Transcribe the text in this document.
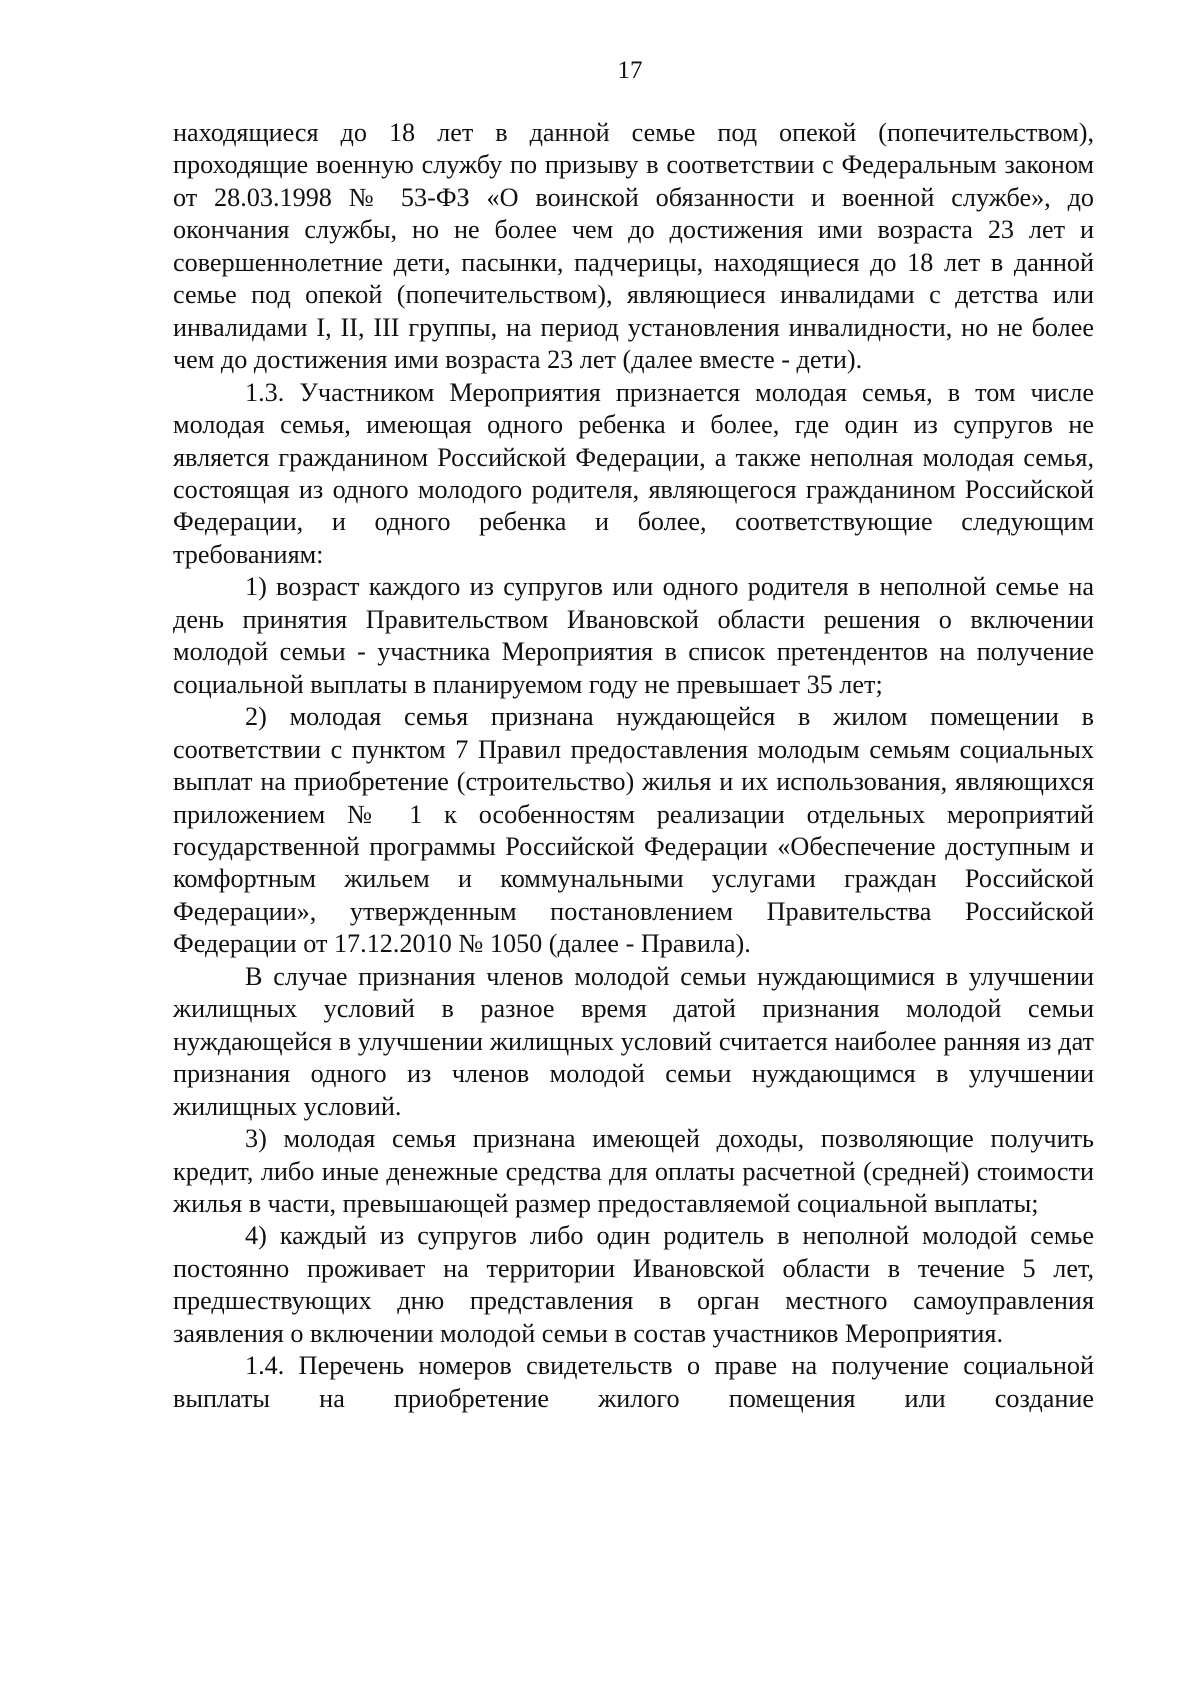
17

находящиеся до 18 лет в данной семье под опекой (попечительством), проходящие военную службу по призыву в соответствии с Федеральным законом от 28.03.1998 № 53-ФЗ «О воинской обязанности и военной службе», до окончания службы, но не более чем до достижения ими возраста 23 лет и совершеннолетние дети, пасынки, падчерицы, находящиеся до 18 лет в данной семье под опекой (попечительством), являющиеся инвалидами с детства или инвалидами I, II, III группы, на период установления инвалидности, но не более чем до достижения ими возраста 23 лет (далее вместе - дети).

1.3. Участником Мероприятия признается молодая семья, в том числе молодая семья, имеющая одного ребенка и более, где один из супругов не является гражданином Российской Федерации, а также неполная молодая семья, состоящая из одного молодого родителя, являющегося гражданином Российской Федерации, и одного ребенка и более, соответствующие следующим требованиям:

1) возраст каждого из супругов или одного родителя в неполной семье на день принятия Правительством Ивановской области решения о включении молодой семьи - участника Мероприятия в список претендентов на получение социальной выплаты в планируемом году не превышает 35 лет;

2) молодая семья признана нуждающейся в жилом помещении в соответствии с пунктом 7 Правил предоставления молодым семьям социальных выплат на приобретение (строительство) жилья и их использования, являющихся приложением № 1 к особенностям реализации отдельных мероприятий государственной программы Российской Федерации «Обеспечение доступным и комфортным жильем и коммунальными услугами граждан Российской Федерации», утвержденным постановлением Правительства Российской Федерации от 17.12.2010 № 1050 (далее - Правила).

В случае признания членов молодой семьи нуждающимися в улучшении жилищных условий в разное время датой признания молодой семьи нуждающейся в улучшении жилищных условий считается наиболее ранняя из дат признания одного из членов молодой семьи нуждающимся в улучшении жилищных условий.

3) молодая семья признана имеющей доходы, позволяющие получить кредит, либо иные денежные средства для оплаты расчетной (средней) стоимости жилья в части, превышающей размер предоставляемой социальной выплаты;

4) каждый из супругов либо один родитель в неполной молодой семье постоянно проживает на территории Ивановской области в течение 5 лет, предшествующих дню представления в орган местного самоуправления заявления о включении молодой семьи в состав участников Мероприятия.

1.4. Перечень номеров свидетельств о праве на получение социальной выплаты на приобретение жилого помещения или создание
